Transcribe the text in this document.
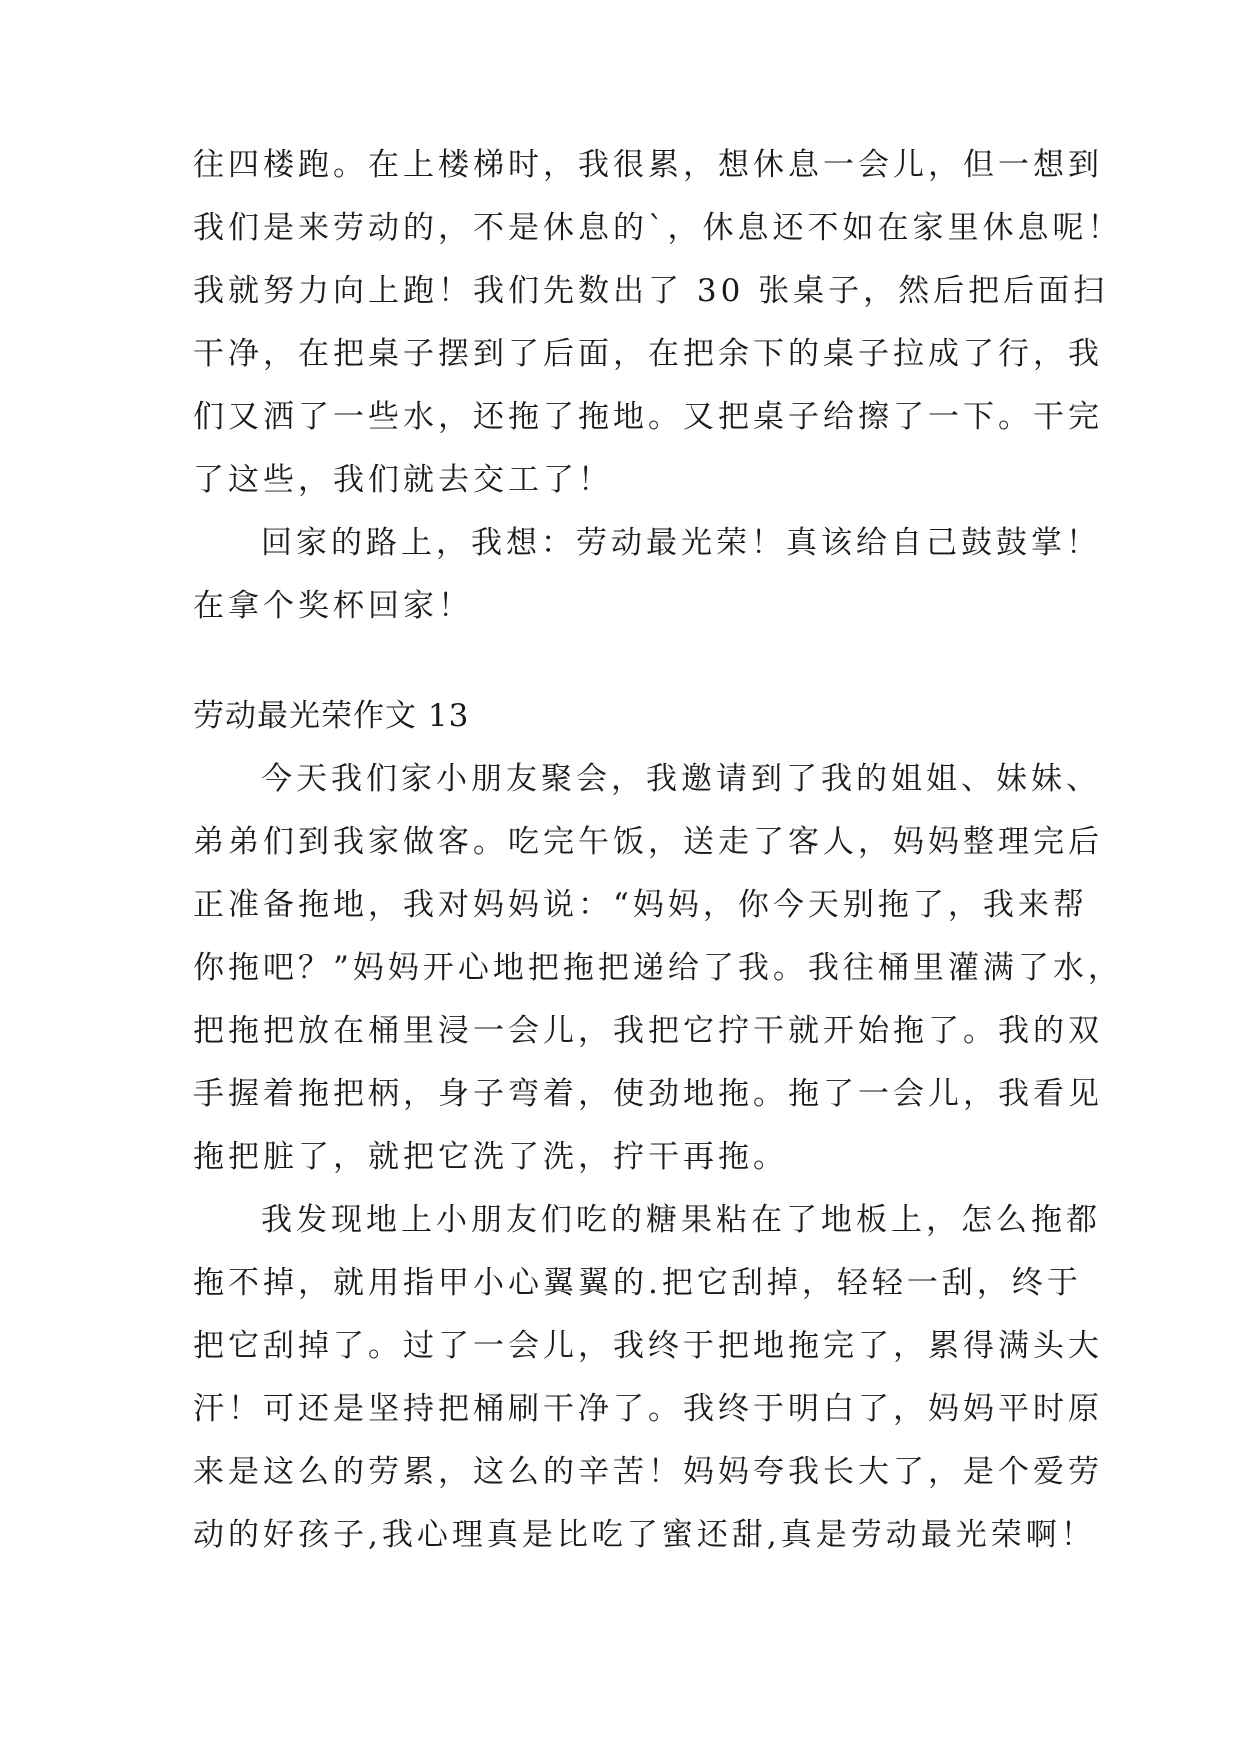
往四楼跑。在上楼梯时，我很累，想休息一会儿，但一想到
我们是来劳动的，不是休息的`，休息还不如在家里休息呢！
我就努力向上跑！我们先数出了 30 张桌子，然后把后面扫
干净，在把桌子摆到了后面，在把余下的桌子拉成了行，我
们又洒了一些水，还拖了拖地。又把桌子给擦了一下。干完
了这些，我们就去交工了！
回家的路上，我想：劳动最光荣！真该给自己鼓鼓掌！
在拿个奖杯回家！
劳动最光荣作文 13
今天我们家小朋友聚会，我邀请到了我的姐姐、妹妹、
弟弟们到我家做客。吃完午饭，送走了客人，妈妈整理完后
正准备拖地，我对妈妈说：“妈妈，你今天别拖了，我来帮
你拖吧？”妈妈开心地把拖把递给了我。我往桶里灌满了水，
把拖把放在桶里浸一会儿，我把它拧干就开始拖了。我的双
手握着拖把柄，身子弯着，使劲地拖。拖了一会儿，我看见
拖把脏了，就把它洗了洗，拧干再拖。
我发现地上小朋友们吃的糖果粘在了地板上，怎么拖都
拖不掉，就用指甲小心翼翼的.把它刮掉，轻轻一刮，终于
把它刮掉了。过了一会儿，我终于把地拖完了，累得满头大
汗！可还是坚持把桶刷干净了。我终于明白了，妈妈平时原
来是这么的劳累，这么的辛苦！妈妈夸我长大了，是个爱劳
动的好孩子,我心理真是比吃了蜜还甜,真是劳动最光荣啊！
